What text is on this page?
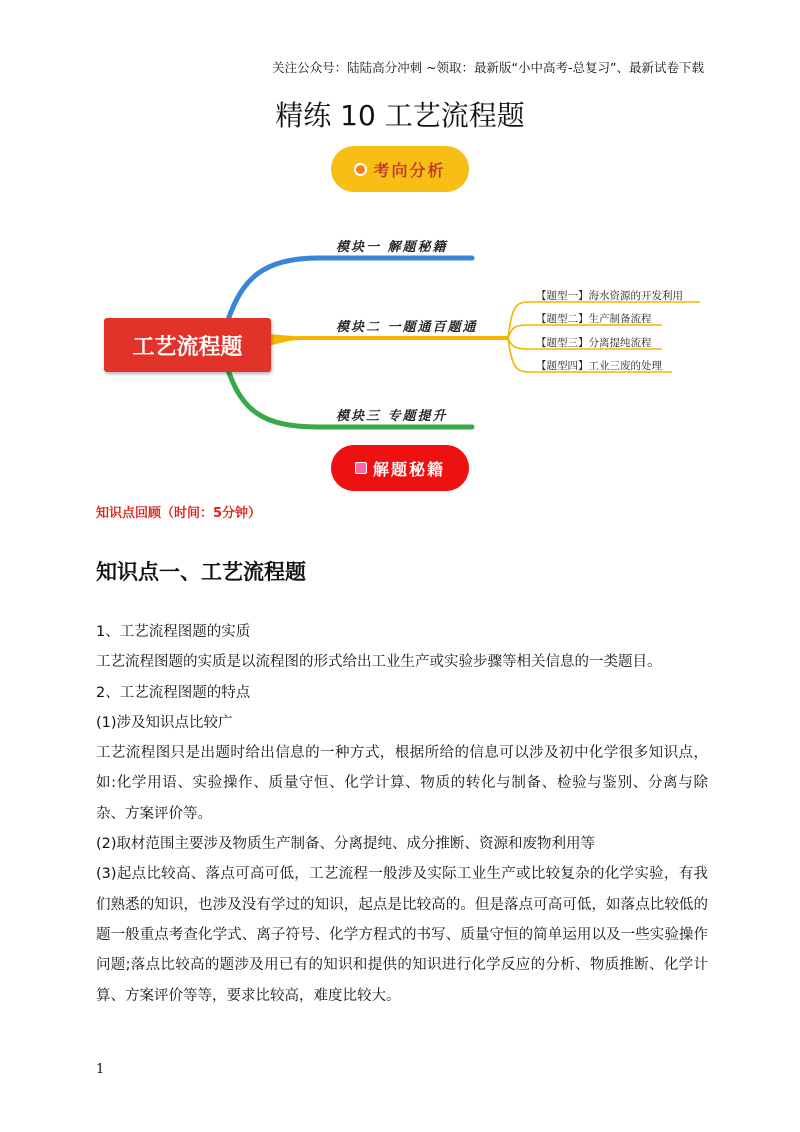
关注公众号：陆陆高分冲刺 ~领取：最新版“小中高考-总复习”、最新试卷下载
精练 10 工艺流程题
考向分析
工艺流程题
模块一 解题秘籍
模块二 一题通百题通
模块三 专题提升
【题型一】海水资源的开发利用
【题型二】生产制备流程
【题型三】分离提纯流程
【题型四】工业三废的处理
解题秘籍
知识点回顾（时间：5分钟）
知识点一、工艺流程题

1、工艺流程图题的实质

工艺流程图题的实质是以流程图的形式给出工业生产或实验步骤等相关信息的一类题目。

2、工艺流程图题的特点

(1)涉及知识点比较广

工艺流程图只是出题时给出信息的一种方式，根据所给的信息可以涉及初中化学很多知识点，如:化学用语、实验操作、质量守恒、化学计算、物质的转化与制备、检验与鉴别、分离与除杂、方案评价等。

(2)取材范围主要涉及物质生产制备、分离提纯、成分推断、资源和废物利用等

(3)起点比较高、落点可高可低，工艺流程一般涉及实际工业生产或比较复杂的化学实验，有我们熟悉的知识，也涉及没有学过的知识，起点是比较高的。但是落点可高可低，如落点比较低的题一般重点考查化学式、离子符号、化学方程式的书写、质量守恒的简单运用以及一些实验操作问题;落点比较高的题涉及用已有的知识和提供的知识进行化学反应的分析、物质推断、化学计算、方案评价等等，要求比较高，难度比较大。

1
